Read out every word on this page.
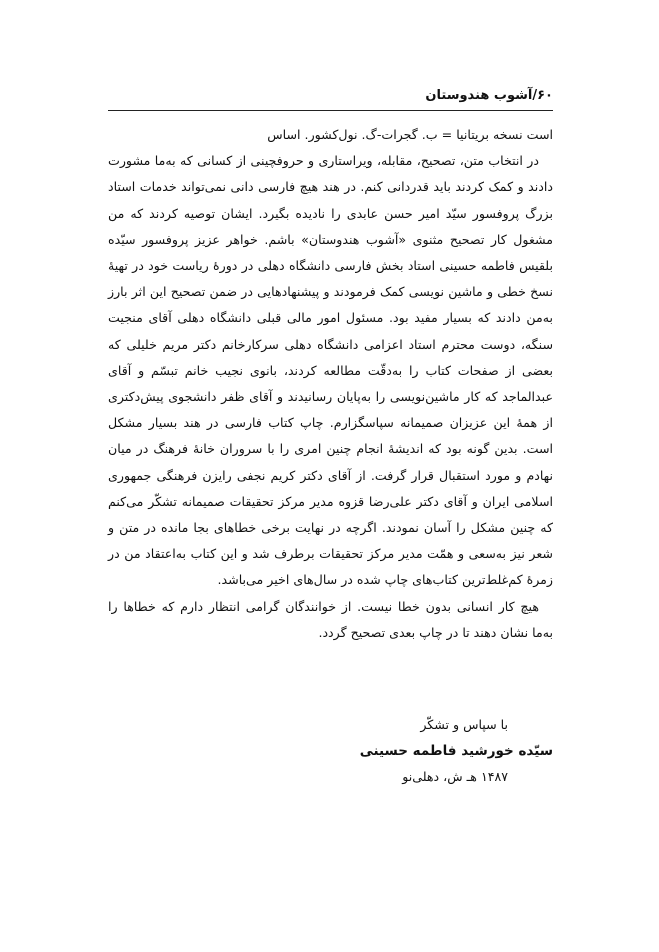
۶۰/آشوب هندوستان

است نسخه بریتانیا = ب. گجرات-گ. نول‌کشور. اساس

در انتخاب متن، تصحیح، مقابله، ویراستاری و حروفچینی از کسانی که به‌ما مشورت دادند و کمک کردند باید قدردانی کنم. در هند هیچ فارسی دانی نمی‌تواند خدمات استاد بزرگ پروفسور سیّد امیر حسن عابدی را نادیده بگیرد. ایشان توصیه کردند که من مشغول کار تصحیح مثنوی «آشوب هندوستان» باشم. خواهر عزیز پروفسور سیّده بلقیس فاطمه حسینی استاد بخش فارسی دانشگاه دهلی در دورهٔ ریاست خود در تهیهٔ نسخ خطی و ماشین نویسی کمک فرمودند و پیشنهادهایی در ضمن تصحیح این اثر بارز به‌من دادند که بسیار مفید بود. مسئول امور مالی قبلی دانشگاه دهلی آقای منجیت سنگه، دوست محترم استاد اعزامی دانشگاه دهلی سرکارخانم دکتر مریم خلیلی که بعضی از صفحات کتاب را به‌دقّت مطالعه کردند، بانوی نجیب خانم تبسّم و آقای عبدالماجد که کار ماشین‌نویسی را به‌پایان رسانیدند و آقای ظفر دانشجوی پیش‌دکتری از همهٔ این عزیزان صمیمانه سپاسگزارم. چاپ کتاب فارسی در هند بسیار مشکل است. بدین گونه بود که اندیشهٔ انجام چنین امری را با سروران خانهٔ فرهنگ در میان نهادم و مورد استقبال قرار گرفت. از آقای دکتر کریم نجفی رایزن فرهنگی جمهوری اسلامی ایران و آقای دکتر علی‌رضا قزوه مدیر مرکز تحقیقات صمیمانه تشکّر می‌کنم که چنین مشکل را آسان نمودند. اگرچه در نهایت برخی خطاهای بجا مانده در متن و شعر نیز به‌سعی و همّت مدیر مرکز تحقیقات برطرف شد و این کتاب به‌اعتقاد من در زمرهٔ کم‌غلط‌ترین کتاب‌های چاپ شده در سال‌های اخیر می‌باشد.

هیچ کار انسانی بدون خطا نیست. از خوانندگان گرامی انتظار دارم که خطاها را به‌ما نشان دهند تا در چاپ بعدی تصحیح گردد.

با سپاس و تشکّر

سیّده خورشید فاطمه حسینی

۱۴۸۷ هـ ش، دهلی‌نو
